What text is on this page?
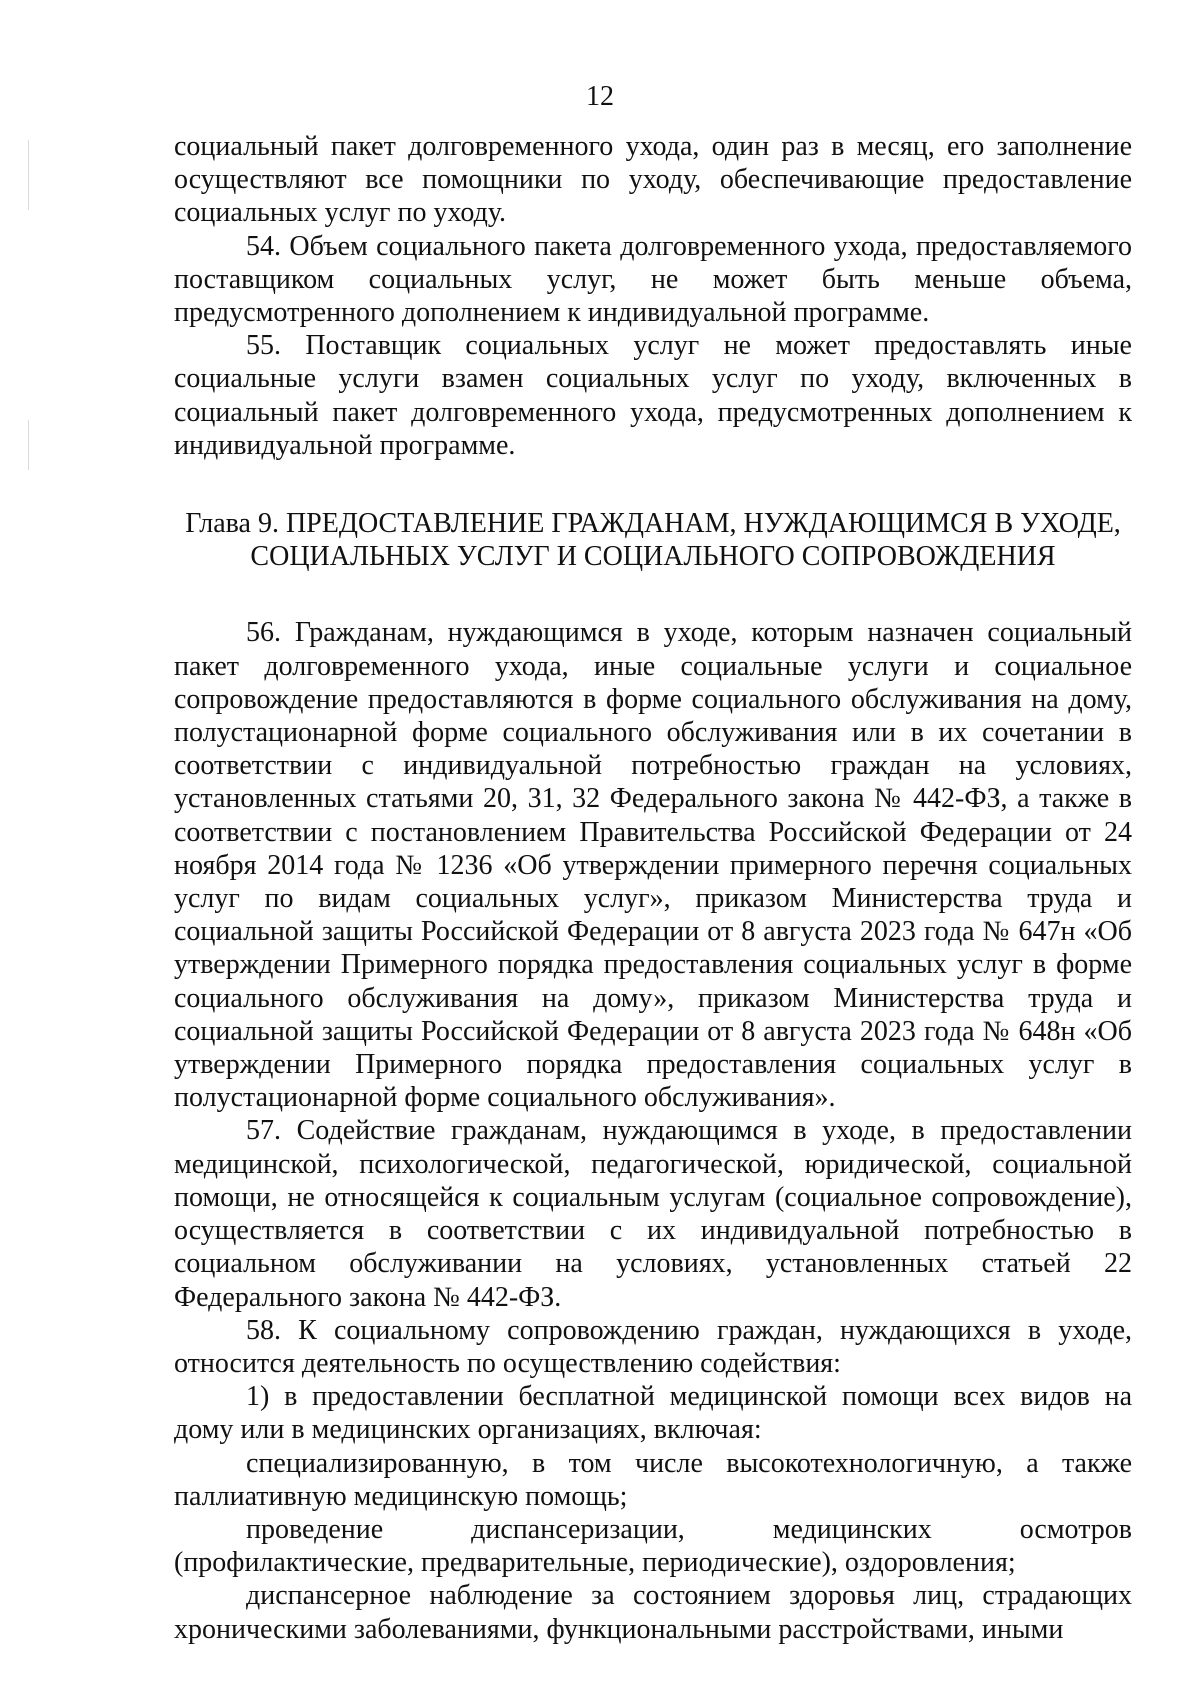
12

социальный пакет долговременного ухода, один раз в месяц, его заполнение осуществляют все помощники по уходу, обеспечивающие предоставление социальных услуг по уходу.

54. Объем социального пакета долговременного ухода, предоставляемого поставщиком социальных услуг, не может быть меньше объема, предусмотренного дополнением к индивидуальной программе.

55. Поставщик социальных услуг не может предоставлять иные социальные услуги взамен социальных услуг по уходу, включенных в социальный пакет долговременного ухода, предусмотренных дополнением к индивидуальной программе.

Глава 9. ПРЕДОСТАВЛЕНИЕ ГРАЖДАНАМ, НУЖДАЮЩИМСЯ В УХОДЕ,
СОЦИАЛЬНЫХ УСЛУГ И СОЦИАЛЬНОГО СОПРОВОЖДЕНИЯ

56. Гражданам, нуждающимся в уходе, которым назначен социальный пакет долговременного ухода, иные социальные услуги и социальное сопровождение предоставляются в форме социального обслуживания на дому, полустационарной форме социального обслуживания или в их сочетании в соответствии с индивидуальной потребностью граждан на условиях, установленных статьями 20, 31, 32 Федерального закона № 442-ФЗ, а также в соответствии с постановлением Правительства Российской Федерации от 24 ноября 2014 года № 1236 «Об утверждении примерного перечня социальных услуг по видам социальных услуг», приказом Министерства труда и социальной защиты Российской Федерации от 8 августа 2023 года № 647н «Об утверждении Примерного порядка предоставления социальных услуг в форме социального обслуживания на дому», приказом Министерства труда и социальной защиты Российской Федерации от 8 августа 2023 года № 648н «Об утверждении Примерного порядка предоставления социальных услуг в полустационарной форме социального обслуживания».

57. Содействие гражданам, нуждающимся в уходе, в предоставлении медицинской, психологической, педагогической, юридической, социальной помощи, не относящейся к социальным услугам (социальное сопровождение), осуществляется в соответствии с их индивидуальной потребностью в социальном обслуживании на условиях, установленных статьей 22 Федерального закона № 442-ФЗ.

58. К социальному сопровождению граждан, нуждающихся в уходе, относится деятельность по осуществлению содействия:

1) в предоставлении бесплатной медицинской помощи всех видов на дому или в медицинских организациях, включая:

специализированную, в том числе высокотехнологичную, а также паллиативную медицинскую помощь;

проведение диспансеризации, медицинских осмотров (профилактические, предварительные, периодические), оздоровления;

диспансерное наблюдение за состоянием здоровья лиц, страдающих хроническими заболеваниями, функциональными расстройствами, иными
